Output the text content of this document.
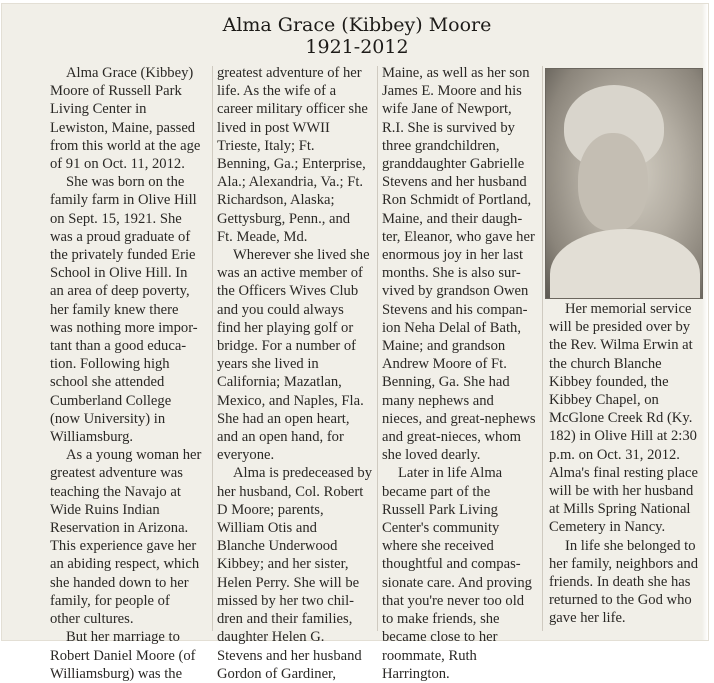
Alma Grace (Kibbey) Moore
1921-2012

Alma Grace (Kibbey)
Moore of Russell Park
Living Center in
Lewiston, Maine, passed
from this world at the age
of 91 on Oct. 11, 2012.

She was born on the
family farm in Olive Hill
on Sept. 15, 1921. She
was a proud graduate of
the privately funded Erie
School in Olive Hill. In
an area of deep poverty,
her family knew there
was nothing more impor-
tant than a good educa-
tion. Following high
school she attended
Cumberland College
(now University) in
Williamsburg.

As a young woman her
greatest adventure was
teaching the Navajo at
Wide Ruins Indian
Reservation in Arizona.
This experience gave her
an abiding respect, which
she handed down to her
family, for people of
other cultures.

But her marriage to
Robert Daniel Moore (of
Williamsburg) was the

greatest adventure of her
life. As the wife of a
career military officer she
lived in post WWII
Trieste, Italy; Ft.
Benning, Ga.; Enterprise,
Ala.; Alexandria, Va.; Ft.
Richardson, Alaska;
Gettysburg, Penn., and
Ft. Meade, Md.

Wherever she lived she
was an active member of
the Officers Wives Club
and you could always
find her playing golf or
bridge. For a number of
years she lived in
California; Mazatlan,
Mexico, and Naples, Fla.
She had an open heart,
and an open hand, for
everyone.

Alma is predeceased by
her husband, Col. Robert
D Moore; parents,
William Otis and
Blanche Underwood
Kibbey; and her sister,
Helen Perry. She will be
missed by her two chil-
dren and their families,
daughter Helen G.
Stevens and her husband
Gordon of Gardiner,

Maine, as well as her son
James E. Moore and his
wife Jane of Newport,
R.I. She is survived by
three grandchildren,
granddaughter Gabrielle
Stevens and her husband
Ron Schmidt of Portland,
Maine, and their daugh-
ter, Eleanor, who gave her
enormous joy in her last
months. She is also sur-
vived by grandson Owen
Stevens and his compan-
ion Neha Delal of Bath,
Maine; and grandson
Andrew Moore of Ft.
Benning, Ga. She had
many nephews and
nieces, and great-nephews
and great-nieces, whom
she loved dearly.

Later in life Alma
became part of the
Russell Park Living
Center's community
where she received
thoughtful and compas-
sionate care. And proving
that you're never too old
to make friends, she
became close to her
roommate, Ruth
Harrington.

Her memorial service
will be presided over by
the Rev. Wilma Erwin at
the church Blanche
Kibbey founded, the
Kibbey Chapel, on
McGlone Creek Rd (Ky.
182) in Olive Hill at 2:30
p.m. on Oct. 31, 2012.
Alma's final resting place
will be with her husband
at Mills Spring National
Cemetery in Nancy.

In life she belonged to
her family, neighbors and
friends. In death she has
returned to the God who
gave her life.
